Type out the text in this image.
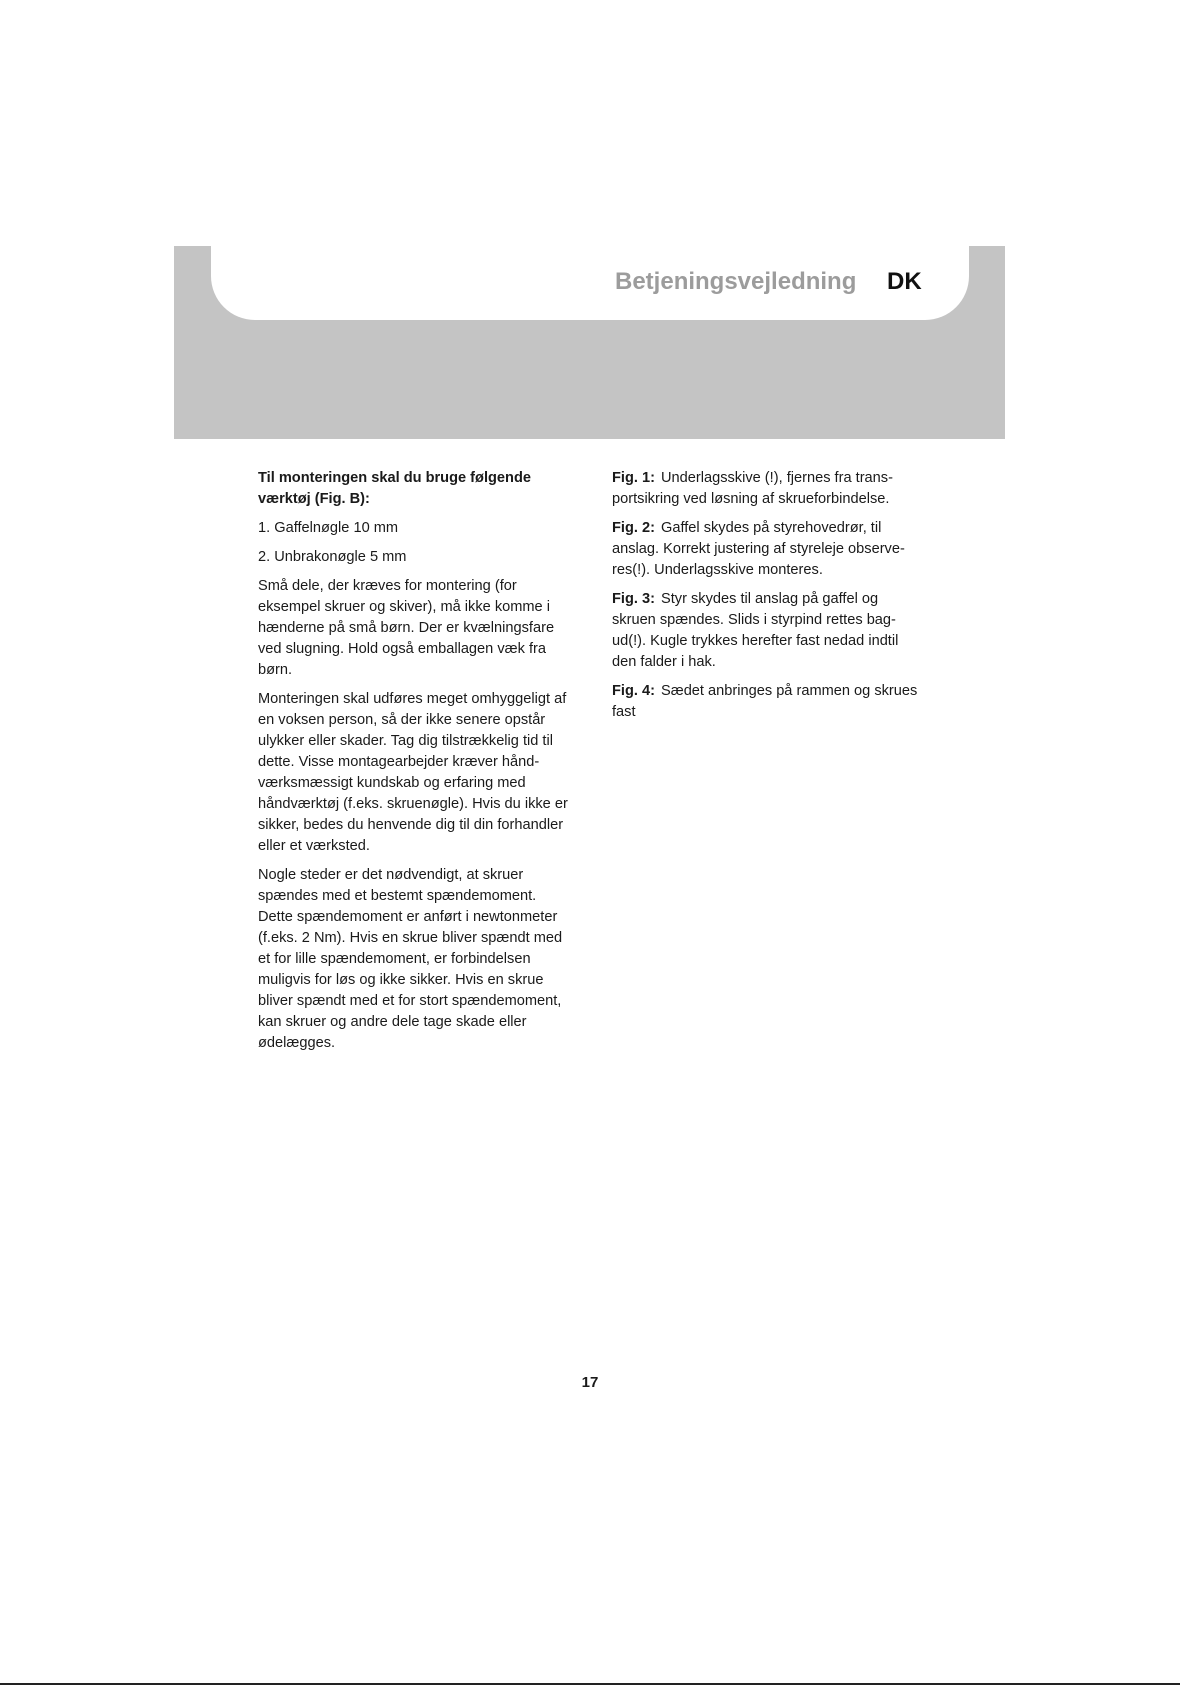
Betjeningsvejledning DK

Til monteringen skal du bruge følgende værktøj (Fig. B):

1. Gaffelnøgle 10 mm

2. Unbrakonøgle 5 mm

Små dele, der kræves for montering (for eksempel skruer og skiver), må ikke komme i hænderne på små børn. Der er kvælningsfare ved slugning. Hold også emballagen væk fra børn.

Monteringen skal udføres meget omhyggeligt af en voksen person, så der ikke senere opstår ulykker eller skader. Tag dig tilstrækkelig tid til dette. Visse montagearbejder kræver håndværksmæssigt kundskab og erfaring med håndværktøj (f.eks. skruenøgle). Hvis du ikke er sikker, bedes du henvende dig til din forhandler eller et værksted.

Nogle steder er det nødvendigt, at skruer spændes med et bestemt spændemoment. Dette spændemoment er anført i newtonmeter (f.eks. 2 Nm). Hvis en skrue bliver spændt med et for lille spændemoment, er forbindelsen muligvis for løs og ikke sikker. Hvis en skrue bliver spændt med et for stort spændemoment, kan skruer og andre dele tage skade eller ødelægges.

Fig. 1: Underlagsskive (!), fjernes fra transportsikring ved løsning af skrueforbindelse.

Fig. 2: Gaffel skydes på styrehovedrør, til anslag. Korrekt justering af styreleje observeres(!). Underlagsskive monteres.

Fig. 3: Styr skydes til anslag på gaffel og skruen spændes. Slids i styrpind rettes bagud(!). Kugle trykkes herefter fast nedad indtil den falder i hak.

Fig. 4: Sædet anbringes på rammen og skrues fast

17
